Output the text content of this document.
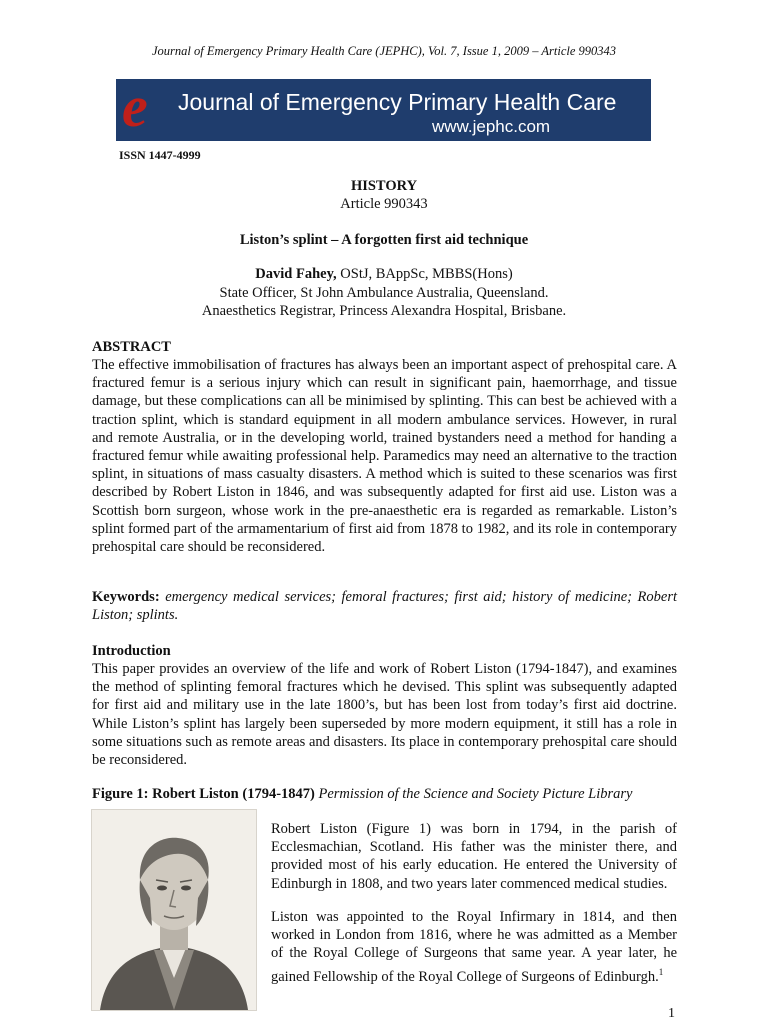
Journal of Emergency Primary Health Care (JEPHC), Vol. 7, Issue 1, 2009 – Article 990343
e Journal of Emergency Primary Health Care
www.jephc.com
ISSN 1447-4999
HISTORY
Article 990343
Liston’s splint – A forgotten first aid technique
David Fahey, OStJ, BAppSc, MBBS(Hons)
State Officer, St John Ambulance Australia, Queensland.
Anaesthetics Registrar, Princess Alexandra Hospital, Brisbane.
ABSTRACT
The effective immobilisation of fractures has always been an important aspect of prehospital care. A fractured femur is a serious injury which can result in significant pain, haemorrhage, and tissue damage, but these complications can all be minimised by splinting. This can best be achieved with a traction splint, which is standard equipment in all modern ambulance services. However, in rural and remote Australia, or in the developing world, trained bystanders need a method for handing a fractured femur while awaiting professional help. Paramedics may need an alternative to the traction splint, in situations of mass casualty disasters. A method which is suited to these scenarios was first described by Robert Liston in 1846, and was subsequently adapted for first aid use. Liston was a Scottish born surgeon, whose work in the pre-anaesthetic era is regarded as remarkable. Liston’s splint formed part of the armamentarium of first aid from 1878 to 1982, and its role in contemporary prehospital care should be reconsidered.
Keywords: emergency medical services; femoral fractures; first aid; history of medicine; Robert Liston; splints.
Introduction
This paper provides an overview of the life and work of Robert Liston (1794-1847), and examines the method of splinting femoral fractures which he devised. This splint was subsequently adapted for first aid and military use in the late 1800’s, but has been lost from today’s first aid doctrine. While Liston’s splint has largely been superseded by more modern equipment, it still has a role in some situations such as remote areas and disasters. Its place in contemporary prehospital care should be reconsidered.
Figure 1: Robert Liston (1794-1847) Permission of the Science and Society Picture Library
Robert Liston (Figure 1) was born in 1794, in the parish of Ecclesmachian, Scotland. His father was the minister there, and provided most of his early education. He entered the University of Edinburgh in 1808, and two years later commenced medical studies.
Liston was appointed to the Royal Infirmary in 1814, and then worked in London from 1816, where he was admitted as a Member of the Royal College of Surgeons that same year. A year later, he gained Fellowship of the Royal College of Surgeons of Edinburgh.$^1$
1
